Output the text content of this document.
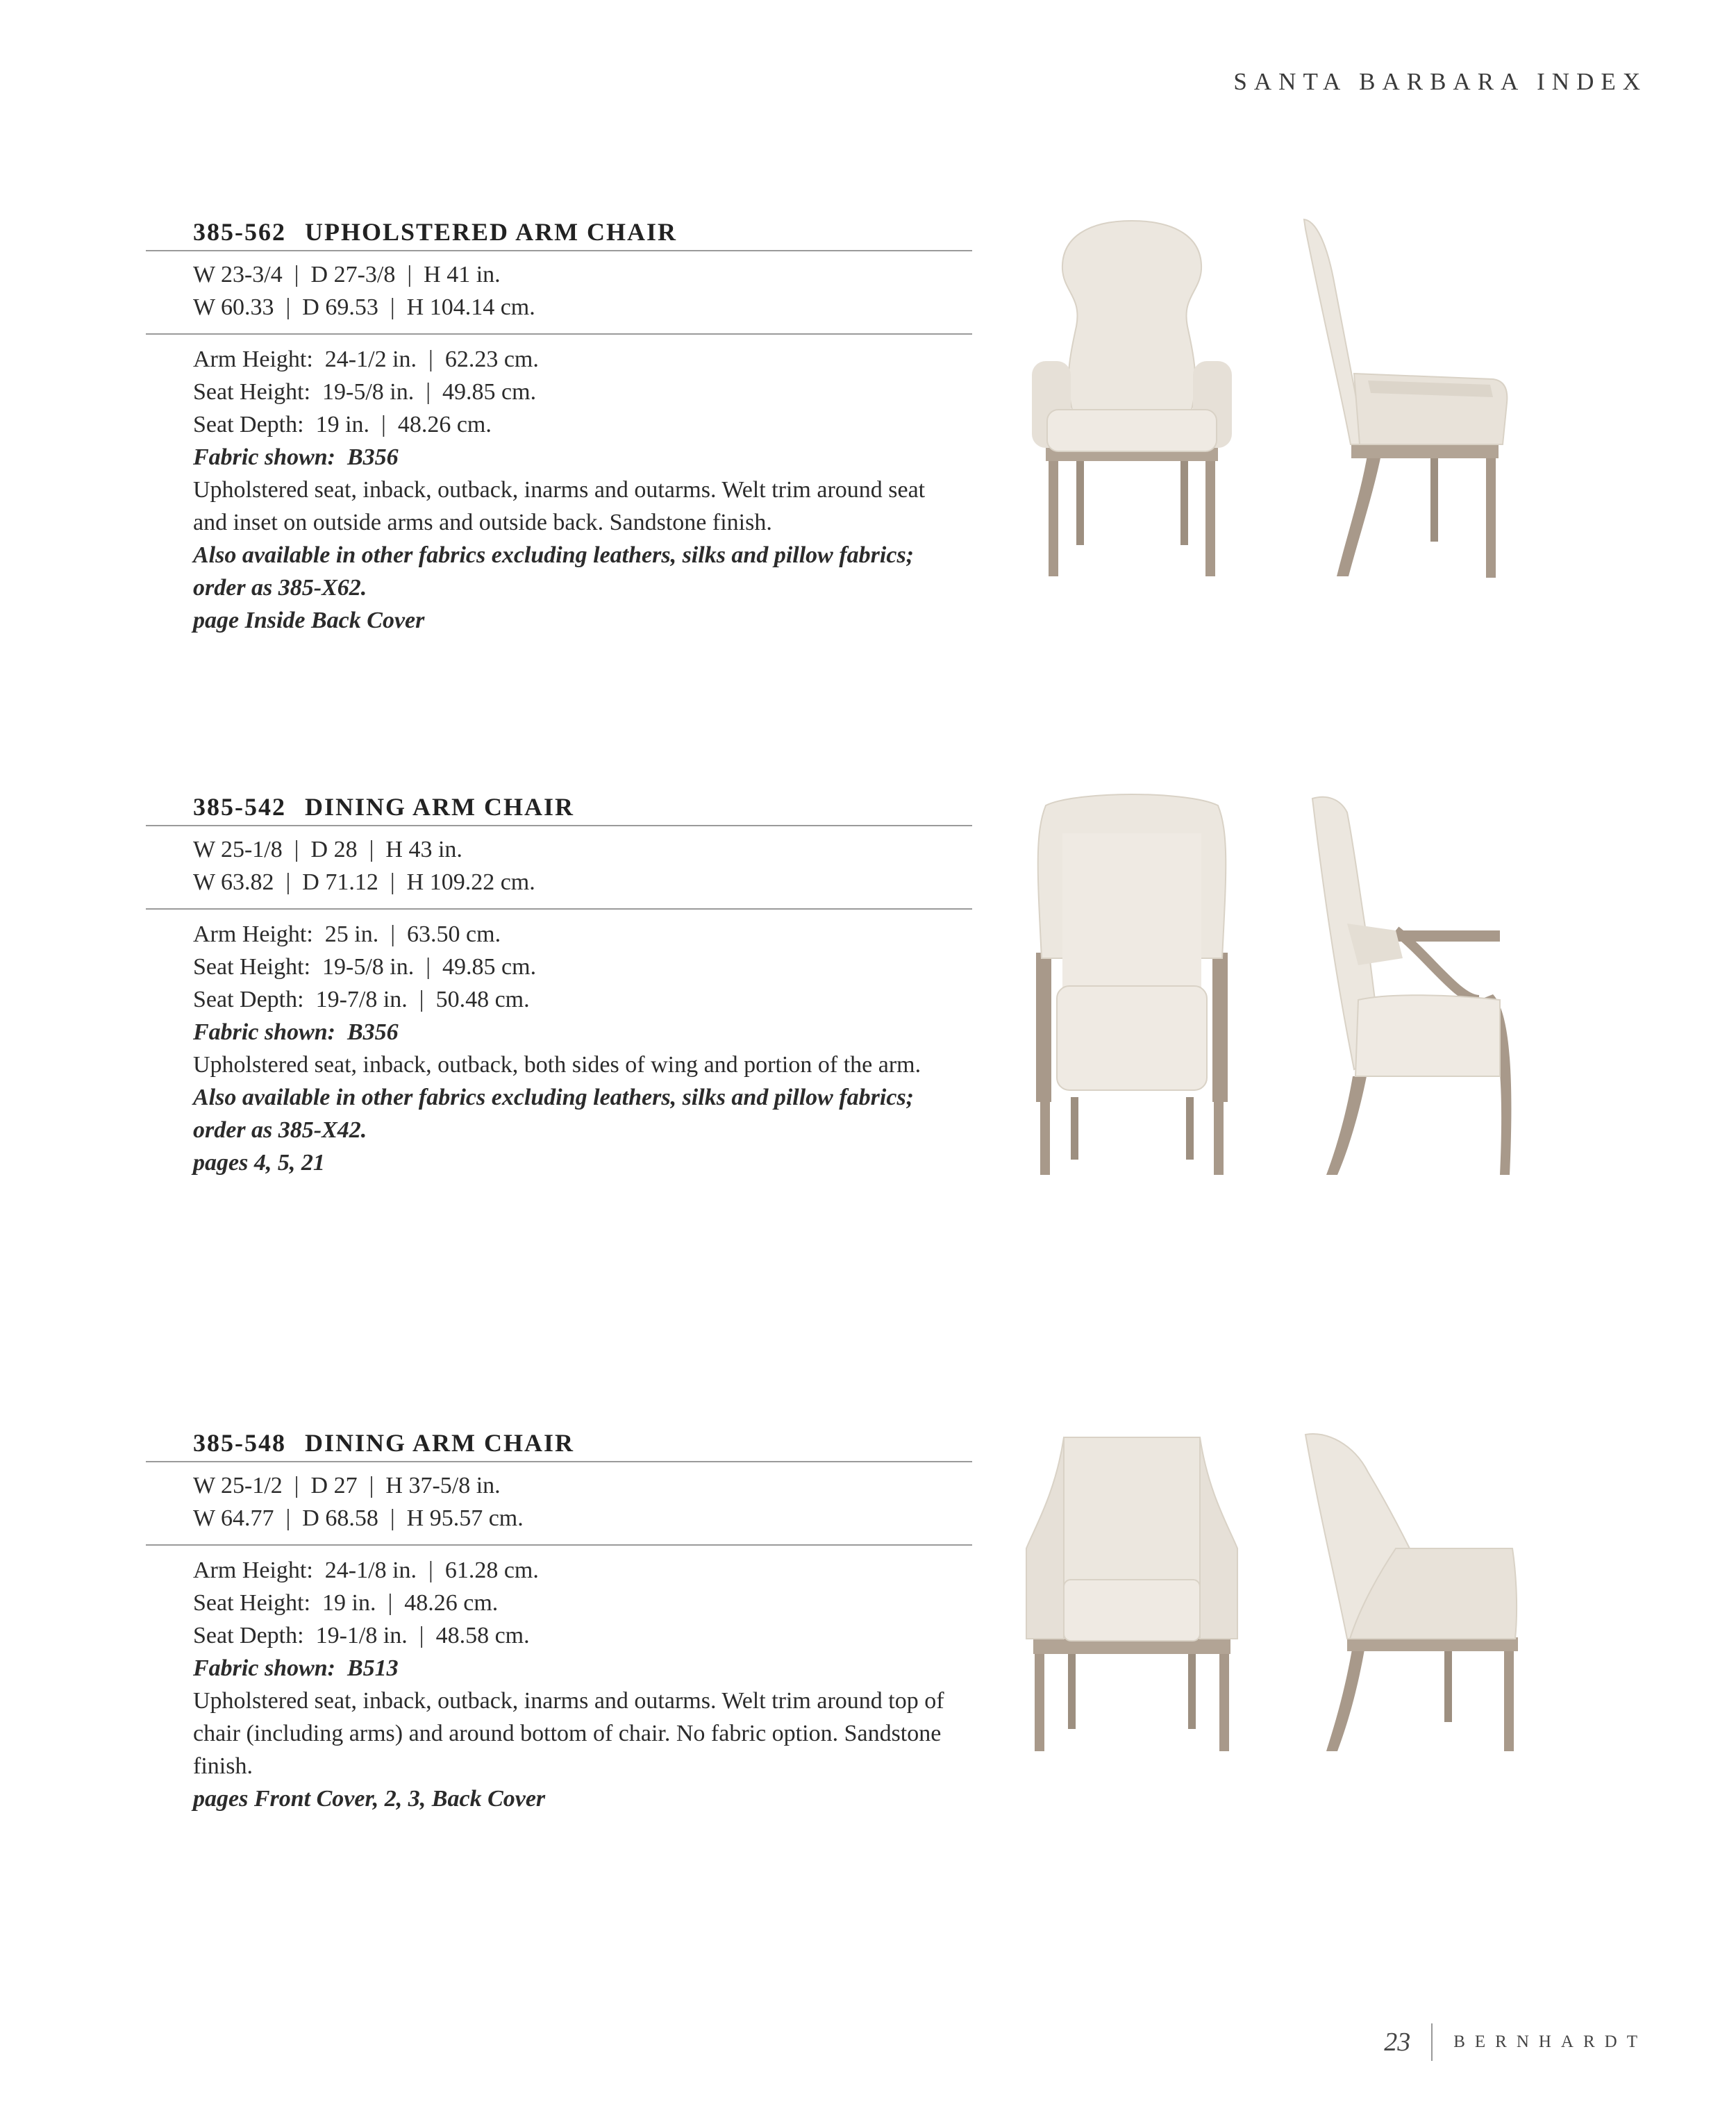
SANTA BARBARA INDEX
385-562 UPHOLSTERED ARM CHAIR
W 23-3/4  |  D 27-3/8  |  H 41 in.
W 60.33  |  D 69.53  |  H 104.14 cm.

Arm Height:  24-1/2 in.  |  62.23 cm.

Seat Height:  19-5/8 in.  |  49.85 cm.

Seat Depth:  19 in.  |  48.26 cm.

Fabric shown:  B356

Upholstered seat, inback, outback, inarms and outarms. Welt trim around seat and inset on outside arms and outside back. Sandstone finish.

Also available in other fabrics excluding leathers, silks and pillow fabrics; order as 385-X62.

page Inside Back Cover

385-542 DINING ARM CHAIR
W 25-1/8  |  D 28  |  H 43 in.
W 63.82  |  D 71.12  |  H 109.22 cm.

Arm Height:  25 in.  |  63.50 cm.

Seat Height:  19-5/8 in.  |  49.85 cm.

Seat Depth:  19-7/8 in.  |  50.48 cm.

Fabric shown:  B356

Upholstered seat, inback, outback, both sides of wing and portion of the arm.

Also available in other fabrics excluding leathers, silks and pillow fabrics; order as 385-X42.

pages 4, 5, 21

385-548 DINING ARM CHAIR
W 25-1/2  |  D 27  |  H 37-5/8 in.
W 64.77  |  D 68.58  |  H 95.57 cm.

Arm Height:  24-1/8 in.  |  61.28 cm.

Seat Height:  19 in.  |  48.26 cm.

Seat Depth:  19-1/8 in.  |  48.58 cm.

Fabric shown:  B513

Upholstered seat, inback, outback, inarms and outarms. Welt trim around top of chair (including arms) and around bottom of chair. No fabric option. Sandstone finish.

pages Front Cover, 2, 3, Back Cover

23 BERNHARDT
